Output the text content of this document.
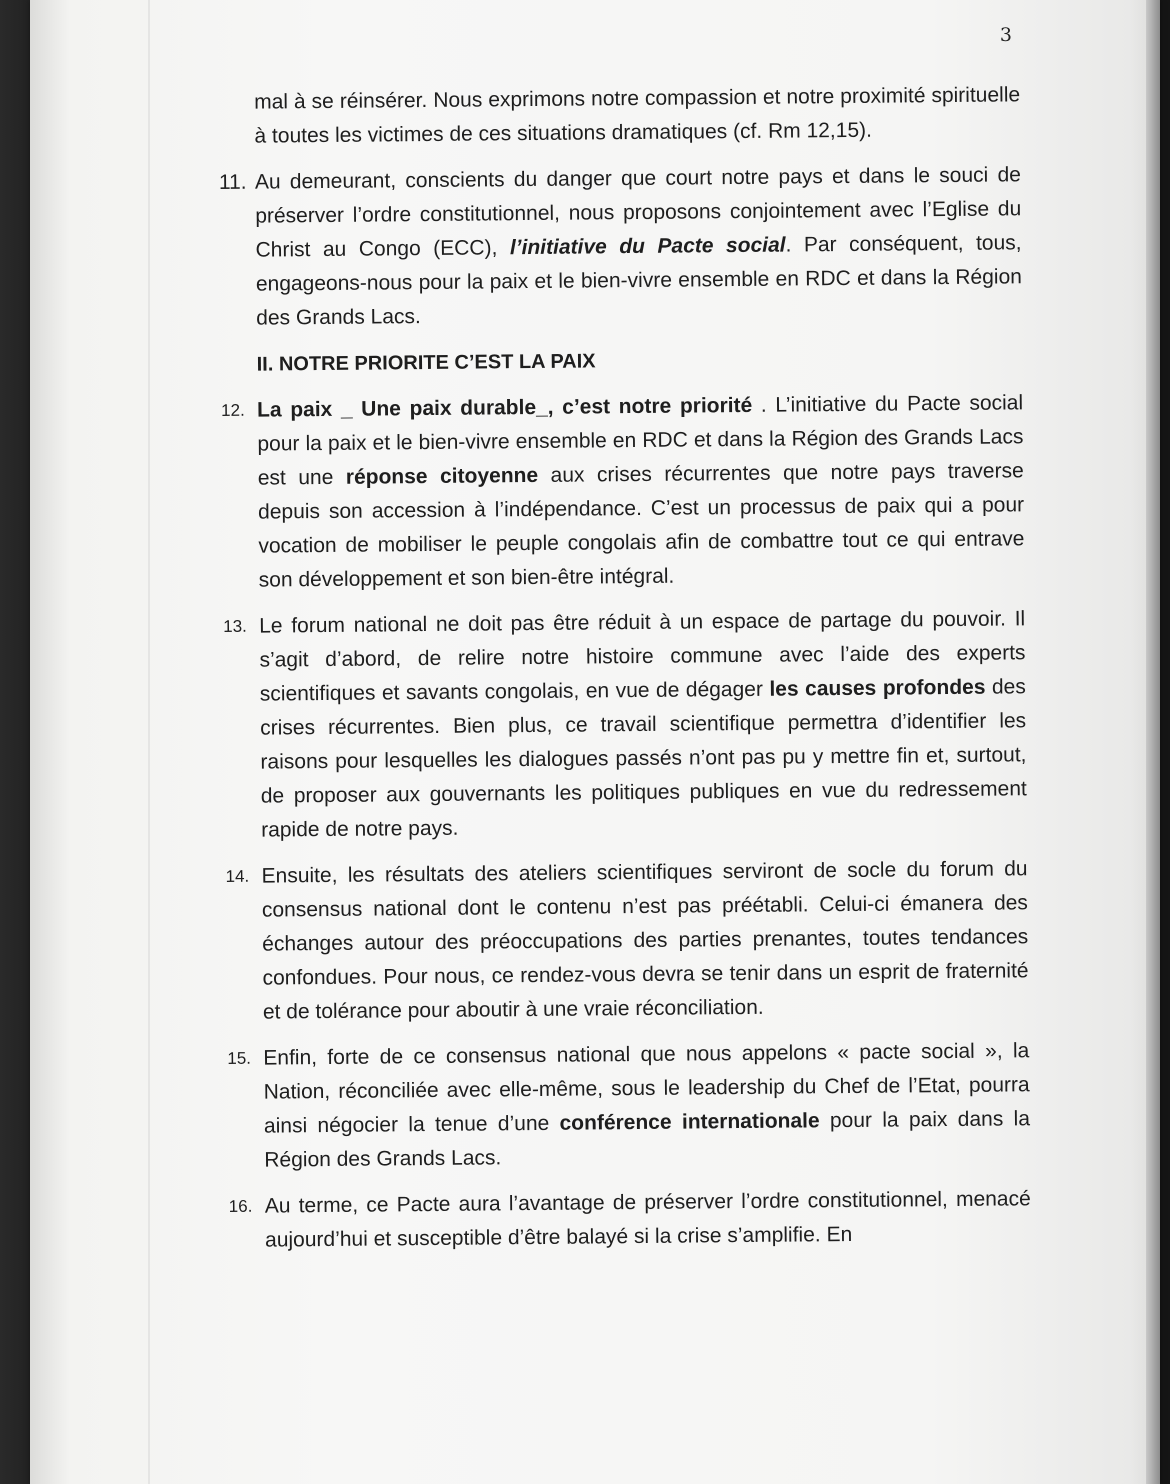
3
mal à se réinsérer. Nous exprimons notre compassion et notre proximité spirituelle à toutes les victimes de ces situations dramatiques (cf. Rm 12,15).
11. Au demeurant, conscients du danger que court notre pays et dans le souci de préserver l’ordre constitutionnel, nous proposons conjointement avec l’Eglise du Christ au Congo (ECC), l’initiative du Pacte social. Par conséquent, tous, engageons-nous pour la paix et le bien-vivre ensemble en RDC et dans la Région des Grands Lacs.
II. NOTRE PRIORITE C’EST LA PAIX
12. La paix _ Une paix durable_, c’est notre priorité . L’initiative du Pacte social pour la paix et le bien-vivre ensemble en RDC et dans la Région des Grands Lacs est une réponse citoyenne aux crises récurrentes que notre pays traverse depuis son accession à l’indépendance. C’est un processus de paix qui a pour vocation de mobiliser le peuple congolais afin de combattre tout ce qui entrave son développement et son bien-être intégral.
13. Le forum national ne doit pas être réduit à un espace de partage du pouvoir. Il s’agit d’abord, de relire notre histoire commune avec l’aide des experts scientifiques et savants congolais, en vue de dégager les causes profondes des crises récurrentes. Bien plus, ce travail scientifique permettra d’identifier les raisons pour lesquelles les dialogues passés n’ont pas pu y mettre fin et, surtout, de proposer aux gouvernants les politiques publiques en vue du redressement rapide de notre pays.
14. Ensuite, les résultats des ateliers scientifiques serviront de socle du forum du consensus national dont le contenu n’est pas préétabli. Celui-ci émanera des échanges autour des préoccupations des parties prenantes, toutes tendances confondues. Pour nous, ce rendez-vous devra se tenir dans un esprit de fraternité et de tolérance pour aboutir à une vraie réconciliation.
15. Enfin, forte de ce consensus national que nous appelons « pacte social », la Nation, réconciliée avec elle-même, sous le leadership du Chef de l’Etat, pourra ainsi négocier la tenue d’une conférence internationale pour la paix dans la Région des Grands Lacs.
16. Au terme, ce Pacte aura l’avantage de préserver l’ordre constitutionnel, menacé aujourd’hui et susceptible d’être balayé si la crise s’amplifie. En
